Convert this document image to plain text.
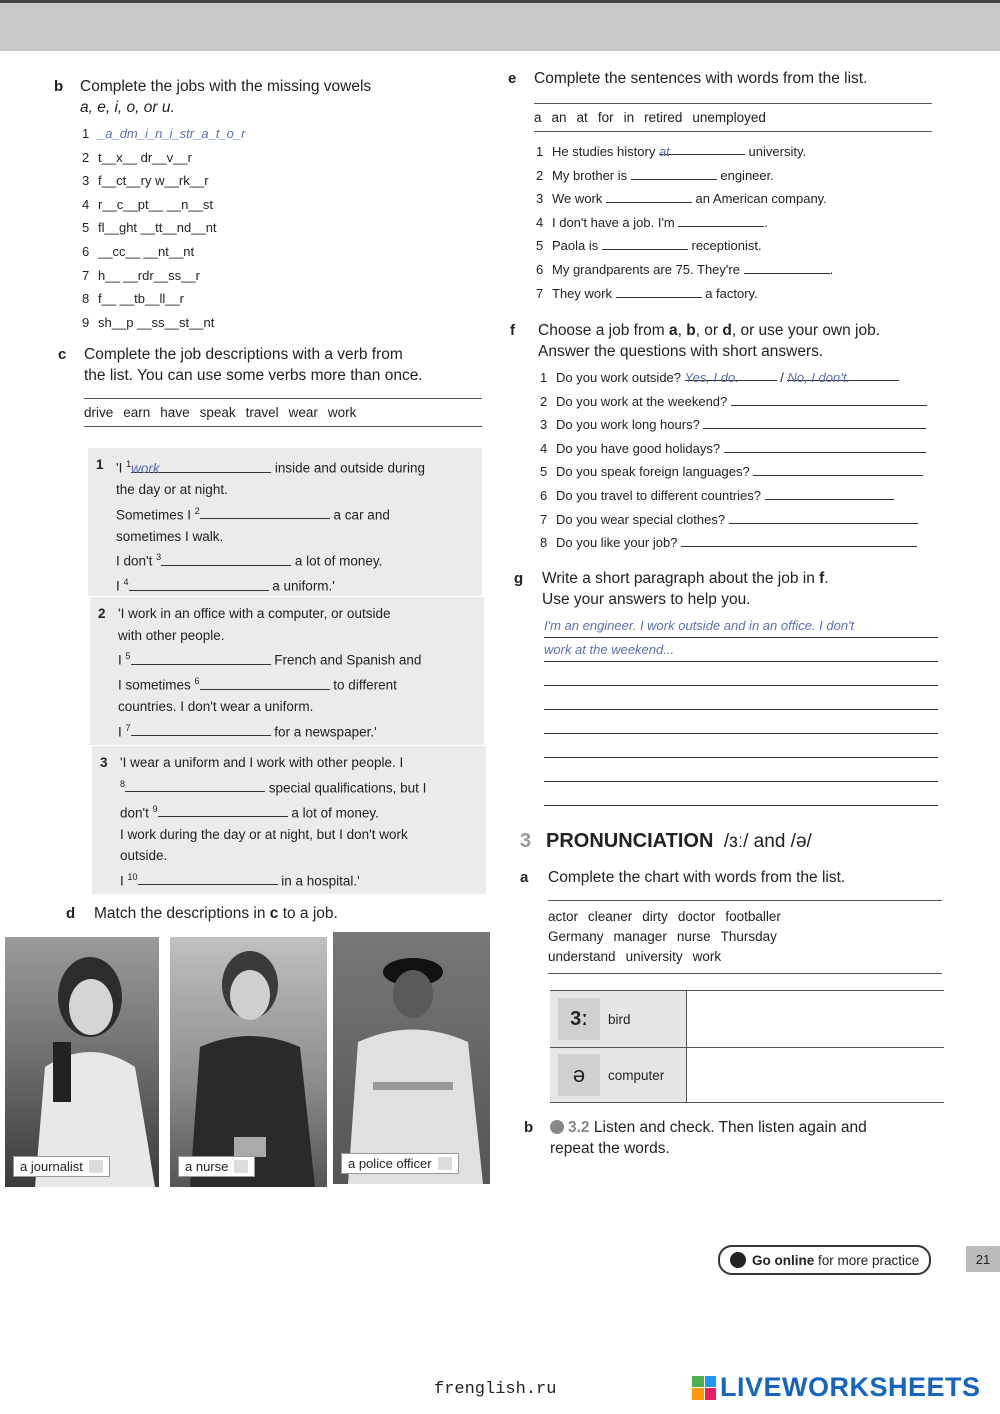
b Complete the jobs with the missing vowels
a, e, i, o, or u.
1 _a_dm_i_n_i_str_a_t_o_r
2 t__x__ dr__v__r
3 f__ct__ry w__rk__r
4 r__c__pt__ __n__st
5 fl__ght __tt__nd__nt
6 __cc__ __nt__nt
7 h__ __rdr__ss__r
8 f__ __tb__ll__r
9 sh__p __ss__st__nt
c Complete the job descriptions with a verb from
the list. You can use some verbs more than once.
drive earn have speak travel wear work
1 'I $^1$work	inside and outside during
the day or at night.
Sometimes I $^2$	a car and
sometimes I walk.
I don't $^3$	a lot of money.
I $^4$	a uniform.'
2 'I work in an office with a computer, or outside
with other people.
I $^5$	French and Spanish and
I sometimes $^6$	to different
countries. I don't wear a uniform.
I $^7$	for a newspaper.'
3 'I wear a uniform and I work with other people. I
$^8$	special qualifications, but I
don't $^9$	a lot of money.
I work during the day or at night, but I don't work
outside.
I $^{10}$	in a hospital.'
d Match the descriptions in c to a job.
a journalist	a nurse	a police officer
e Complete the sentences with words from the list.
a an at for in retired unemployed
1 He studies history at	university.
2 My brother is	engineer.
3 We work	an American company.
4 I don't have a job. I'm	.
5 Paola is	receptionist.
6 My grandparents are 75. They're	.
7 They work	a factory.
f Choose a job from a, b, or d, or use your own job.
Answer the questions with short answers.
1 Do you work outside? Yes, I do.	/ No, I don't.
2 Do you work at the weekend?
3 Do you work long hours?
4 Do you have good holidays?
5 Do you speak foreign languages?
6 Do you travel to different countries?
7 Do you wear special clothes?
8 Do you like your job?
g Write a short paragraph about the job in f.
Use your answers to help you.
I'm an engineer. I work outside and in an office. I don't
work at the weekend...
3 PRONUNCIATION /ɜː/ and /ə/
a Complete the chart with words from the list.
actor cleaner dirty doctor footballer
Germany manager nurse Thursday
understand university work
3ː bird
ə computer
b 3.2 Listen and check. Then listen again and
repeat the words.
Go online for more practice	21
frenglish.ru	LIVEWORKSHEETS
